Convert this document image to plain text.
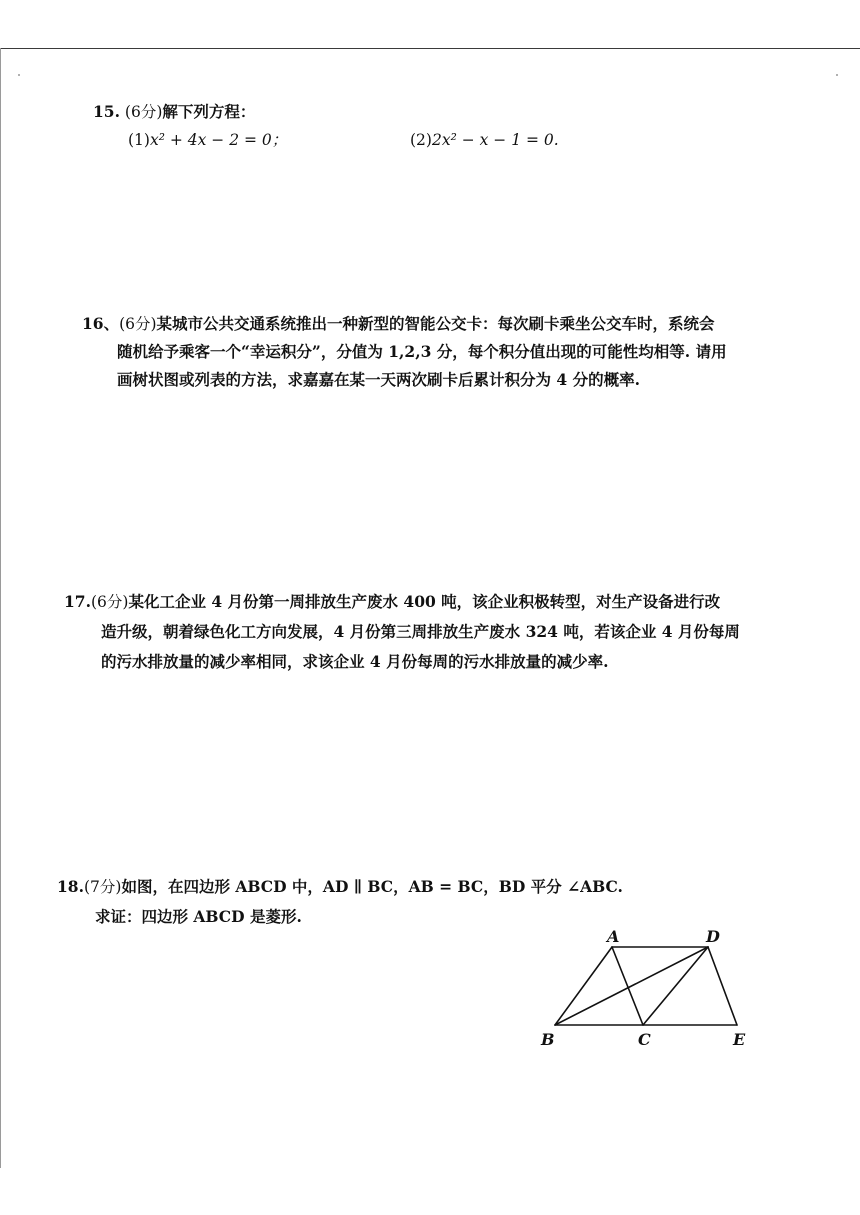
15. (6分)解下列方程：
(1)x² + 4x − 2 = 0；	(2)2x² − x − 1 = 0.
16、(6分)某城市公共交通系统推出一种新型的智能公交卡：每次刷卡乘坐公交车时，系统会
随机给予乘客一个“幸运积分”，分值为 1,2,3 分，每个积分值出现的可能性均相等. 请用
画树状图或列表的方法，求嘉嘉在某一天两次刷卡后累计积分为 4 分的概率.
17.(6分)某化工企业 4 月份第一周排放生产废水 400 吨，该企业积极转型，对生产设备进行改
造升级，朝着绿色化工方向发展，4 月份第三周排放生产废水 324 吨，若该企业 4 月份每周
的污水排放量的减少率相同，求该企业 4 月份每周的污水排放量的减少率.
18.(7分)如图，在四边形 ABCD 中，AD ∥ BC，AB = BC，BD 平分 ∠ABC.
求证：四边形 ABCD 是菱形.
A	D
B	C	E
